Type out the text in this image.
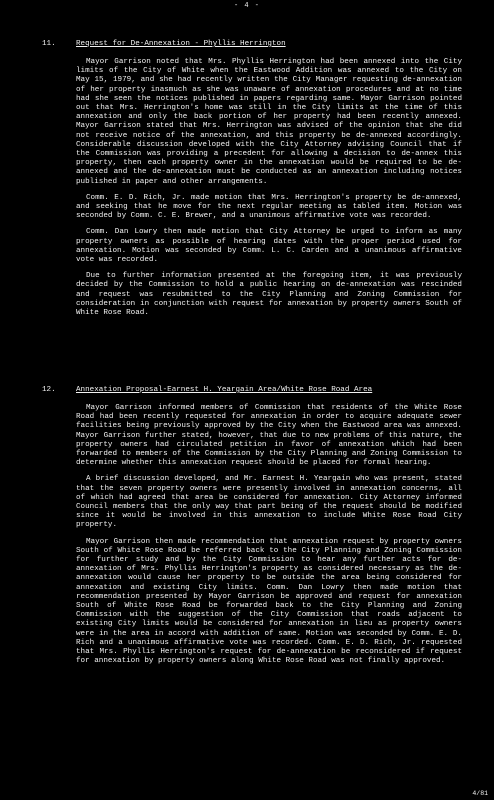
- 4 -
11.	Request for De-Annexation - Phyllis Herrington

Mayor Garrison noted that Mrs. Phyllis Herrington had been annexed into the City limits of the City of White when the Eastwood Addition was annexed to the City on May 15, 1979, and she had recently written the City Manager requesting de-annexation of her property inasmuch as she was unaware of annexation procedures and at no time had she seen the notices published in papers regarding same. Mayor Garrison pointed out that Mrs. Herrington's home was still in the City limits at the time of this annexation and only the back portion of her property had been recently annexed. Mayor Garrison stated that Mrs. Herrington was advised of the opinion that she did not receive notice of the annexation, and this property be de-annexed accordingly. Considerable discussion developed with the City Attorney advising Council that if the Commission was providing a precedent for allowing a decision to de-annex this property, then each property owner in the annexation would be required to be de-annexed and the de-annexation must be conducted as an annexation including notices published in paper and other arrangements.

Comm. E. D. Rich, Jr. made motion that Mrs. Herrington's property be de-annexed, and seeking that he move for the next regular meeting as tabled item. Motion was seconded by Comm. C. E. Brewer, and a unanimous affirmative vote was recorded.

Comm. Dan Lowry then made motion that City Attorney be urged to inform as many property owners as possible of hearing dates with the proper period used for annexation. Motion was seconded by Comm. L. C. Carden and a unanimous affirmative vote was recorded.

Due to further information presented at the foregoing item, it was previously decided by the Commission to hold a public hearing on de-annexation was rescinded and request was resubmitted to the City Planning and Zoning Commission for consideration in conjunction with request for annexation by property owners South of White Rose Road.

12.	Annexation Proposal-Earnest H. Yeargain Area/White Rose Road Area

Mayor Garrison informed members of Commission that residents of the White Rose Road had been recently requested for annexation in order to acquire adequate sewer facilities being previously approved by the City when the Eastwood area was annexed. Mayor Garrison further stated, however, that due to new problems of this nature, the property owners had circulated petition in favor of annexation which had been forwarded to members of the Commission by the City Planning and Zoning Commission to determine whether this annexation request should be placed for formal hearing.

A brief discussion developed, and Mr. Earnest H. Yeargain who was present, stated that the seven property owners were presently involved in annexation concerns, all of which had agreed that area be considered for annexation. City Attorney informed Council members that the only way that part being of the request should be modified since it would be involved in this annexation to include White Rose Road City property.

Mayor Garrison then made recommendation that annexation request by property owners South of White Rose Road be referred back to the City Planning and Zoning Commission for further study and by the City Commission to hear any further acts for de-annexation of Mrs. Phyllis Herrington's property as considered necessary as the de-annexation would cause her property to be outside the area being considered for annexation and existing City limits. Comm. Dan Lowry then made motion that recommendation presented by Mayor Garrison be approved and request for annexation South of White Rose Road be forwarded back to the City Planning and Zoning Commission with the suggestion of the City Commission that roads adjacent to existing City limits would be considered for annexation in lieu as property owners were in the area in accord with addition of same. Motion was seconded by Comm. E. D. Rich and a unanimous affirmative vote was recorded. Comm. E. D. Rich, Jr. requested that Mrs. Phyllis Herrington's request for de-annexation be reconsidered if request for annexation by property owners along White Rose Road was not finally approved.

4/81
